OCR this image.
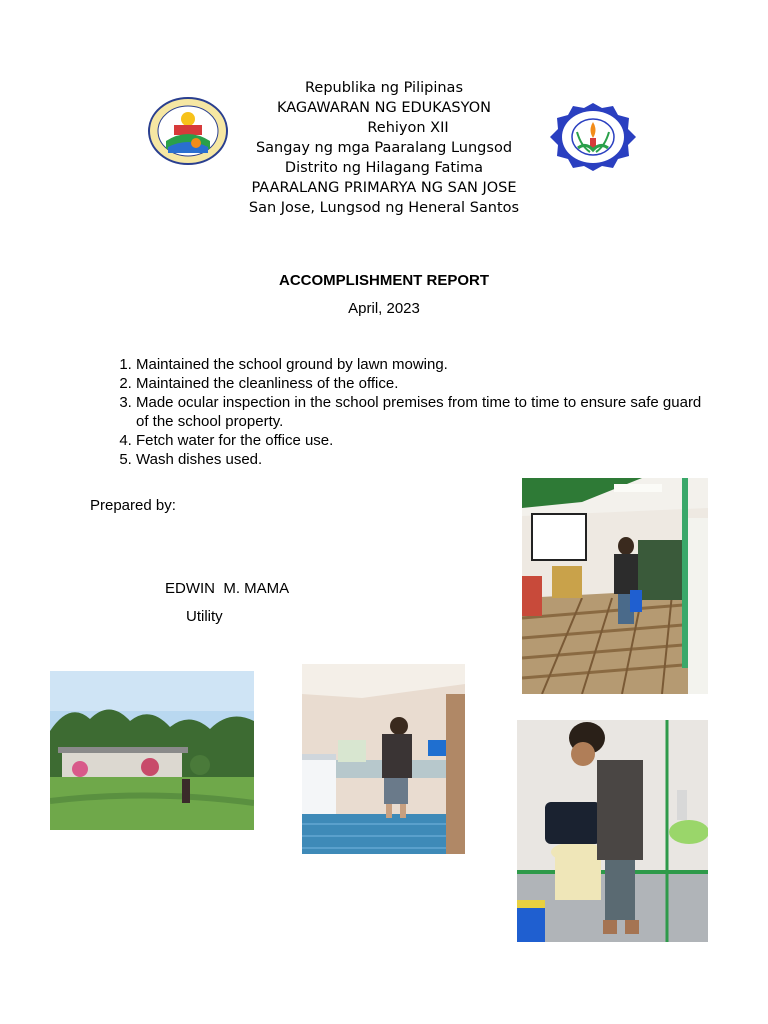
Republika ng Pilipinas
KAGAWARAN NG EDUKASYON
Rehiyon XII
Sangay ng mga Paaralang Lungsod
Distrito ng Hilagang Fatima
PAARALANG PRIMARYA NG SAN JOSE
San Jose, Lungsod ng Heneral Santos
ACCOMPLISHMENT REPORT
April, 2023
1. Maintained the school ground by lawn mowing.
2. Maintained the cleanliness of the office.
3. Made ocular inspection in the school premises from time to time to ensure safe guard of the school property.
4. Fetch water for the office use.
5. Wash dishes used.
Prepared by:
EDWIN  M. MAMA
Utility
